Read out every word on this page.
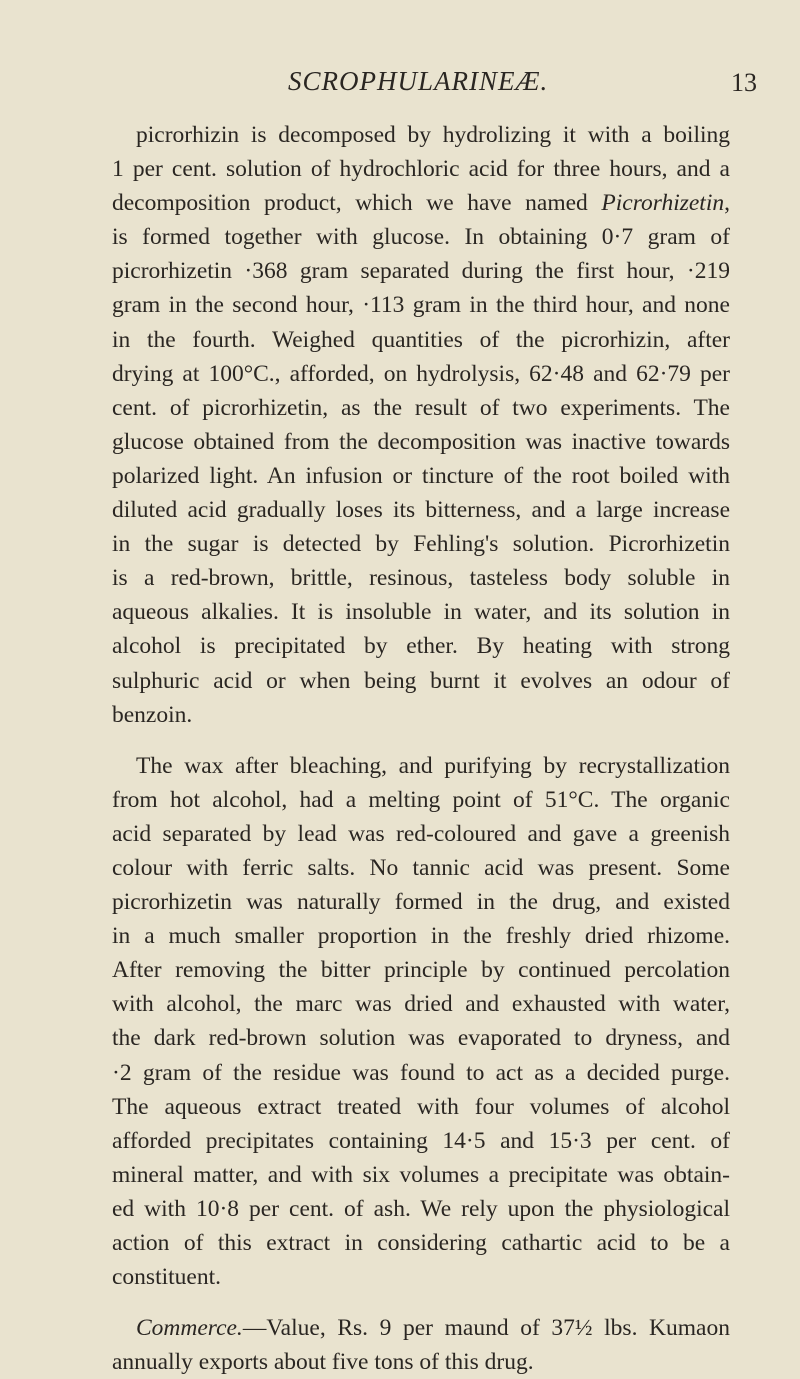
SCROPHULARINEÆ.	13
picrorhizin is decomposed by hydrolizing it with a boiling
1 per cent. solution of hydrochloric acid for three hours, and a
decomposition product, which we have named Picrorhizetin,
is formed together with glucose. In obtaining 0·7 gram of
picrorhizetin ·368 gram separated during the first hour, ·219
gram in the second hour, ·113 gram in the third hour, and none
in the fourth. Weighed quantities of the picrorhizin, after
drying at 100°C., afforded, on hydrolysis, 62·48 and 62·79 per
cent. of picrorhizetin, as the result of two experiments. The
glucose obtained from the decomposition was inactive towards
polarized light. An infusion or tincture of the root boiled with
diluted acid gradually loses its bitterness, and a large increase
in the sugar is detected by Fehling's solution. Picrorhizetin
is a red-brown, brittle, resinous, tasteless body soluble in
aqueous alkalies. It is insoluble in water, and its solution in
alcohol is precipitated by ether. By heating with strong
sulphuric acid or when being burnt it evolves an odour of
benzoin.
The wax after bleaching, and purifying by recrystallization
from hot alcohol, had a melting point of 51°C. The organic
acid separated by lead was red-coloured and gave a greenish
colour with ferric salts. No tannic acid was present. Some
picrorhizetin was naturally formed in the drug, and existed
in a much smaller proportion in the freshly dried rhizome.
After removing the bitter principle by continued percolation
with alcohol, the marc was dried and exhausted with water,
the dark red-brown solution was evaporated to dryness, and
·2 gram of the residue was found to act as a decided purge.
The aqueous extract treated with four volumes of alcohol
afforded precipitates containing 14·5 and 15·3 per cent. of
mineral matter, and with six volumes a precipitate was obtain-
ed with 10·8 per cent. of ash. We rely upon the physiological
action of this extract in considering cathartic acid to be a
constituent.
Commerce.—Value, Rs. 9 per maund of 37½ lbs. Kumaon
annually exports about five tons of this drug.
